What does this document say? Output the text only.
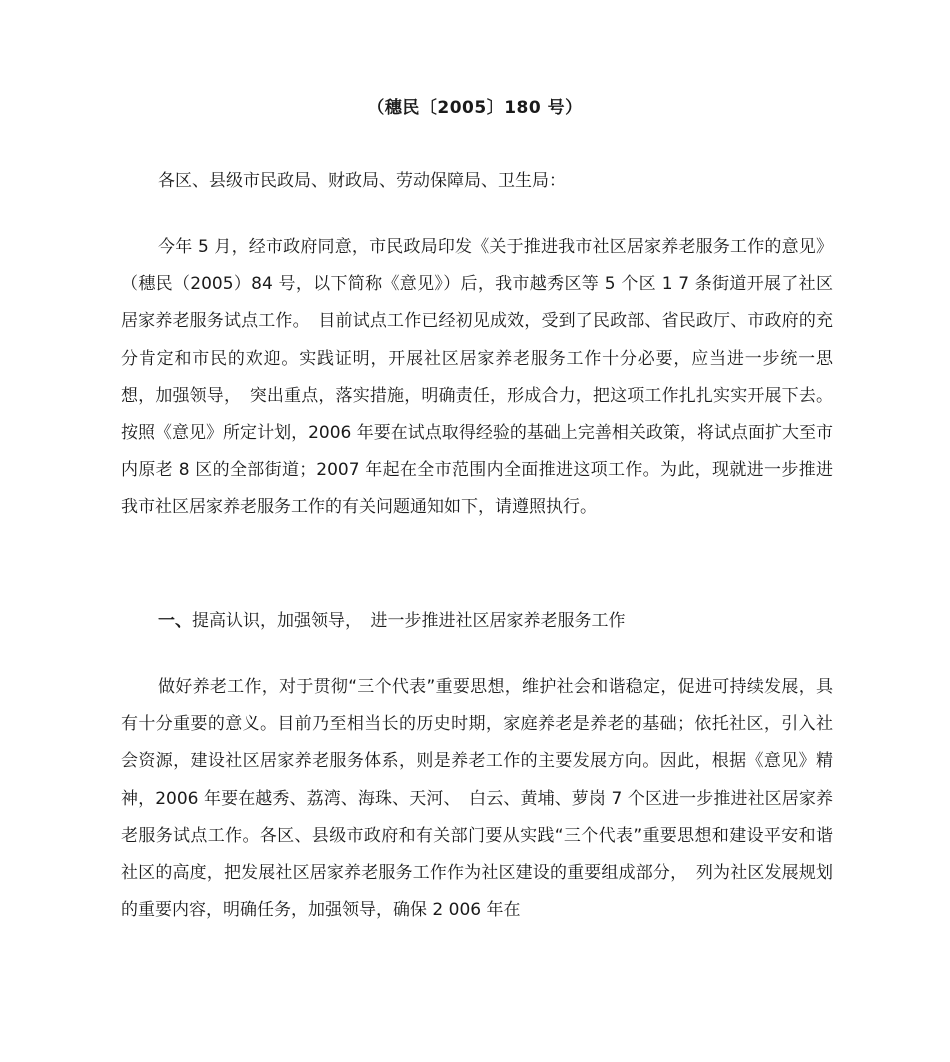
（穗民〔2005〕180 号）
各区、县级市民政局、财政局、劳动保障局、卫生局：

今年 5 月，经市政府同意，市民政局印发《关于推进我市社区居家养老服务工作的意见》（穗民（2005）84 号，以下简称《意见》）后，我市越秀区等 5 个区 1 7 条街道开展了社区居家养老服务试点工作。　目前试点工作已经初见成效，受到了民政部、省民政厅、市政府的充分肯定和市民的欢迎。实践证明，开展社区居家养老服务工作十分必要，应当进一步统一思想，加强领导，　突出重点，落实措施，明确责任，形成合力，把这项工作扎扎实实开展下去。按照《意见》所定计划，2006 年要在试点取得经验的基础上完善相关政策，将试点面扩大至市内原老 8 区的全部街道；2007 年起在全市范围内全面推进这项工作。为此，现就进一步推进我市社区居家养老服务工作的有关问题通知如下，请遵照执行。

一、提高认识，加强领导，　进一步推进社区居家养老服务工作

做好养老工作，对于贯彻“三个代表”重要思想，维护社会和谐稳定，促进可持续发展，具有十分重要的意义。目前乃至相当长的历史时期，家庭养老是养老的基础；依托社区，引入社会资源，建设社区居家养老服务体系，则是养老工作的主要发展方向。因此，根据《意见》精神，2006 年要在越秀、荔湾、海珠、天河、　白云、黄埔、萝岗 7 个区进一步推进社区居家养老服务试点工作。各区、县级市政府和有关部门要从实践“三个代表”重要思想和建设平安和谐社区的高度，把发展社区居家养老服务工作作为社区建设的重要组成部分，　列为社区发展规划的重要内容，明确任务，加强领导，确保 2 006 年在
